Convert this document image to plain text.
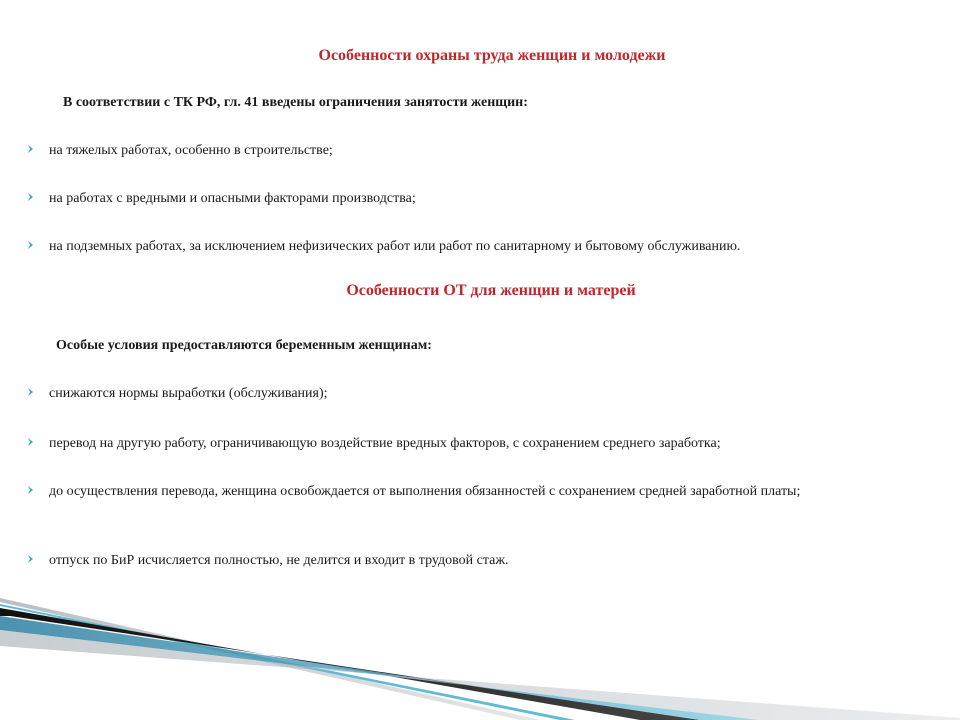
Особенности охраны труда женщин и молодежи

В соответствии с ТК РФ, гл. 41 введены ограничения занятости женщин:

на тяжелых работах, особенно в строительстве;
на работах с вредными и опасными факторами производства;
на подземных работах, за исключением нефизических работ или работ по санитарному и бытовому обслуживанию.
Особенности ОТ для женщин и матерей

Особые условия предоставляются беременным женщинам:

снижаются нормы выработки (обслуживания);
перевод на другую работу, ограничивающую воздействие вредных факторов, с сохранением среднего заработка;
до осуществления перевода, женщина освобождается от выполнения обязанностей с сохранением средней заработной платы;
отпуск по БиР исчисляется полностью, не делится и входит в трудовой стаж.
